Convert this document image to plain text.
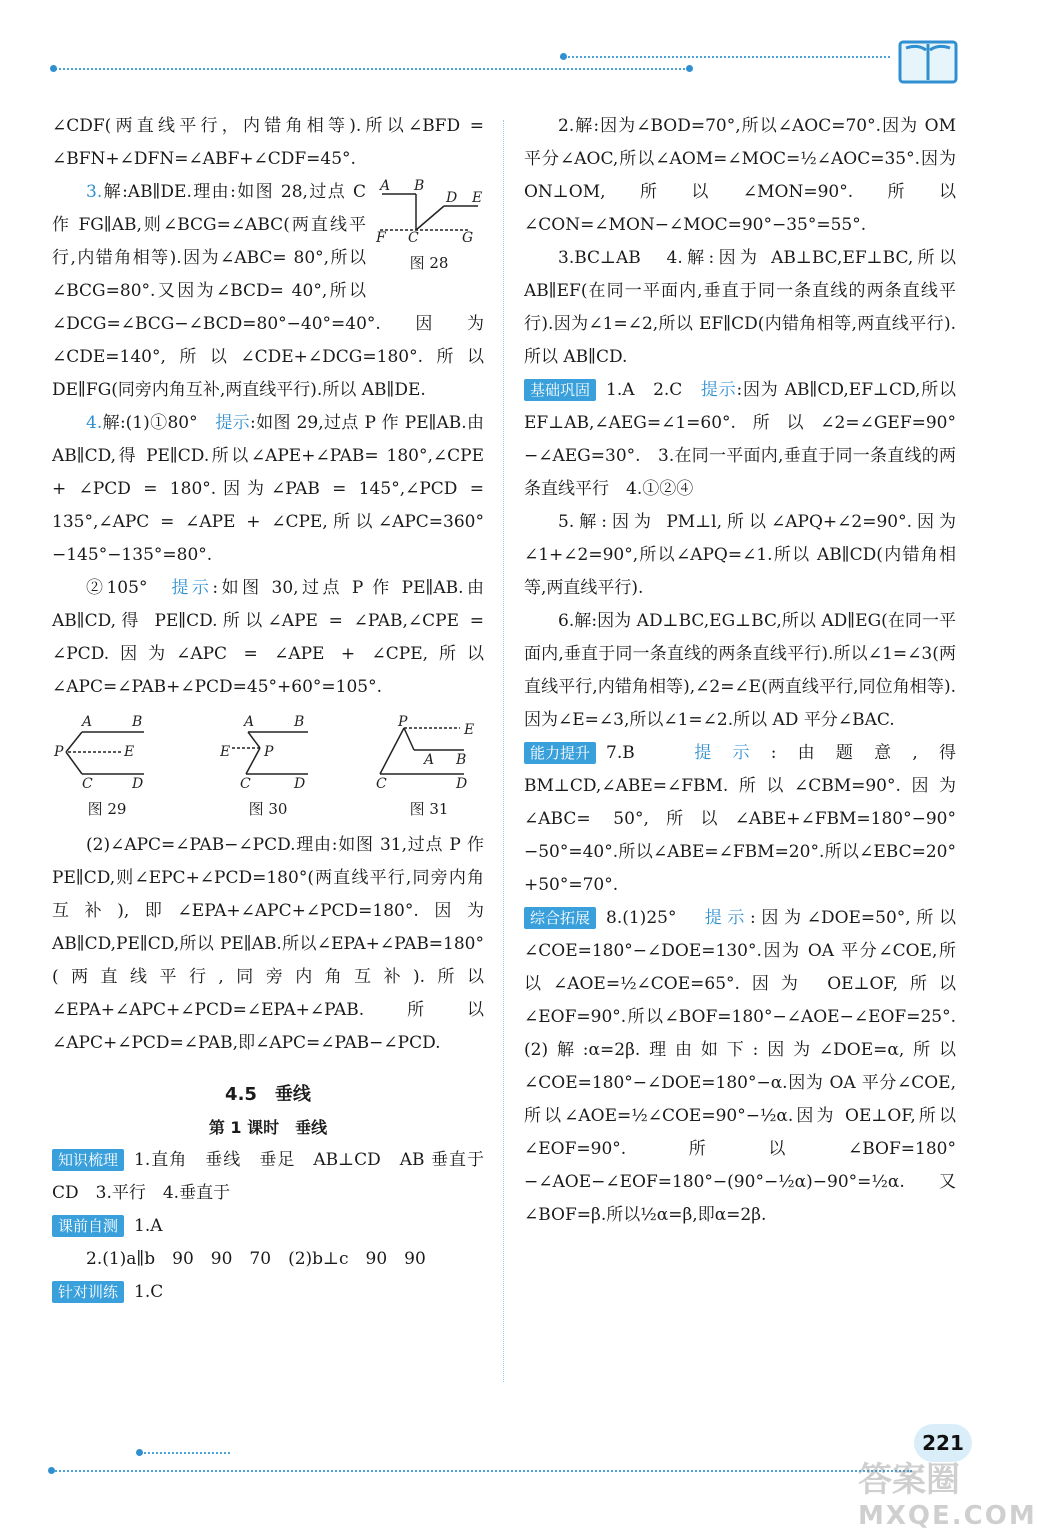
∠CDF(两直线平行，内错角相等).所以∠BFD = ∠BFN+∠DFN=∠ABF+∠CDF=45°.

A B
D E
F C	G
图 28

3.解:AB∥DE.理由:如图 28,过点 C 作 FG∥AB,则∠BCG=∠ABC(两直线平行,内错角相等).因为∠ABC= 80°,所以∠BCG=80°.又因为∠BCD= 40°,所以∠DCG=∠BCG−∠BCD=80°−40°=40°.因为∠CDE=140°,所以∠CDE+∠DCG=180°.所以 DE∥FG(同旁内角互补,两直线平行).所以 AB∥DE.

4.解:(1)①80°　 提示:如图 29,过点 P 作 PE∥AB.由 AB∥CD,得 PE∥CD.所以∠APE+∠PAB= 180°,∠CPE + ∠PCD = 180°.因为∠PAB = 145°,∠PCD = 135°,∠APC = ∠APE + ∠CPE,所以∠APC=360°−145°−135°=80°.

②105°　 提示:如图 30,过点 P 作 PE∥AB.由 AB∥CD,得 PE∥CD.所以∠APE = ∠PAB,∠CPE = ∠PCD.因为∠APC = ∠APE + ∠CPE,所以∠APC=∠PAB+∠PCD=45°+60°=105°.

A	B
P	E
C	D
图 29
A	B
E P
C	D
图 30
P	E
A B
C	D
图 31

(2)∠APC=∠PAB−∠PCD.理由:如图 31,过点 P 作 PE∥CD,则∠EPC+∠PCD=180°(两直线平行,同旁内角互补),即∠EPA+∠APC+∠PCD=180°.因为 AB∥CD,PE∥CD,所以 PE∥AB.所以∠EPA+∠PAB=180°(两直线平行,同旁内角互补).所以∠EPA+∠APC+∠PCD=∠EPA+∠PAB.所以∠APC+∠PCD=∠PAB,即∠APC=∠PAB−∠PCD.

4.5　垂线
第 1 课时　垂线

知识梳理 1.直角　垂线　垂足　AB⊥CD　AB 垂直于 CD　3.平行　4.垂直于

课前自测 1.A

2.(1)a∥b　90　90　70　(2)b⊥c　90　90

针对训练 1.C

2.解:因为∠BOD=70°,所以∠AOC=70°.因为 OM 平分∠AOC,所以∠AOM=∠MOC=½∠AOC=35°.因为 ON⊥OM,所以∠MON=90°.所以∠CON=∠MON−∠MOC=90°−35°=55°.

3.BC⊥AB　4.解:因为 AB⊥BC,EF⊥BC,所以 AB∥EF(在同一平面内,垂直于同一条直线的两条直线平行).因为∠1=∠2,所以 EF∥CD(内错角相等,两直线平行).所以 AB∥CD.

基础巩固 1.A　2.C　提示:因为 AB∥CD,EF⊥CD,所以 EF⊥AB,∠AEG=∠1=60°.所以∠2=∠GEF=90°−∠AEG=30°.　3.在同一平面内,垂直于同一条直线的两条直线平行　4.①②④

5.解:因为 PM⊥l,所以∠APQ+∠2=90°.因为∠1+∠2=90°,所以∠APQ=∠1.所以 AB∥CD(内错角相等,两直线平行).

6.解:因为 AD⊥BC,EG⊥BC,所以 AD∥EG(在同一平面内,垂直于同一条直线的两条直线平行).所以∠1=∠3(两直线平行,内错角相等),∠2=∠E(两直线平行,同位角相等).因为∠E=∠3,所以∠1=∠2.所以 AD 平分∠BAC.

能力提升 7.B　提示:由题意,得 BM⊥CD,∠ABE=∠FBM.所以∠CBM=90°.因为∠ABC= 50°,所以∠ABE+∠FBM=180°−90°−50°=40°.所以∠ABE=∠FBM=20°.所以∠EBC=20°+50°=70°.

综合拓展 8.(1)25°　提示:因为∠DOE=50°,所以∠COE=180°−∠DOE=130°.因为 OA 平分∠COE,所以∠AOE=½∠COE=65°.因为 OE⊥OF,所以∠EOF=90°.所以∠BOF=180°−∠AOE−∠EOF=25°.　(2)解:α=2β.理由如下:因为∠DOE=α,所以∠COE=180°−∠DOE=180°−α.因为 OA 平分∠COE,所以∠AOE=½∠COE=90°−½α.因为 OE⊥OF,所以∠EOF=90°.所以∠BOF=180°−∠AOE−∠EOF=180°−(90°−½α)−90°=½α.又∠BOF=β.所以½α=β,即α=2β.

221
答案圈
MXQE.COM
